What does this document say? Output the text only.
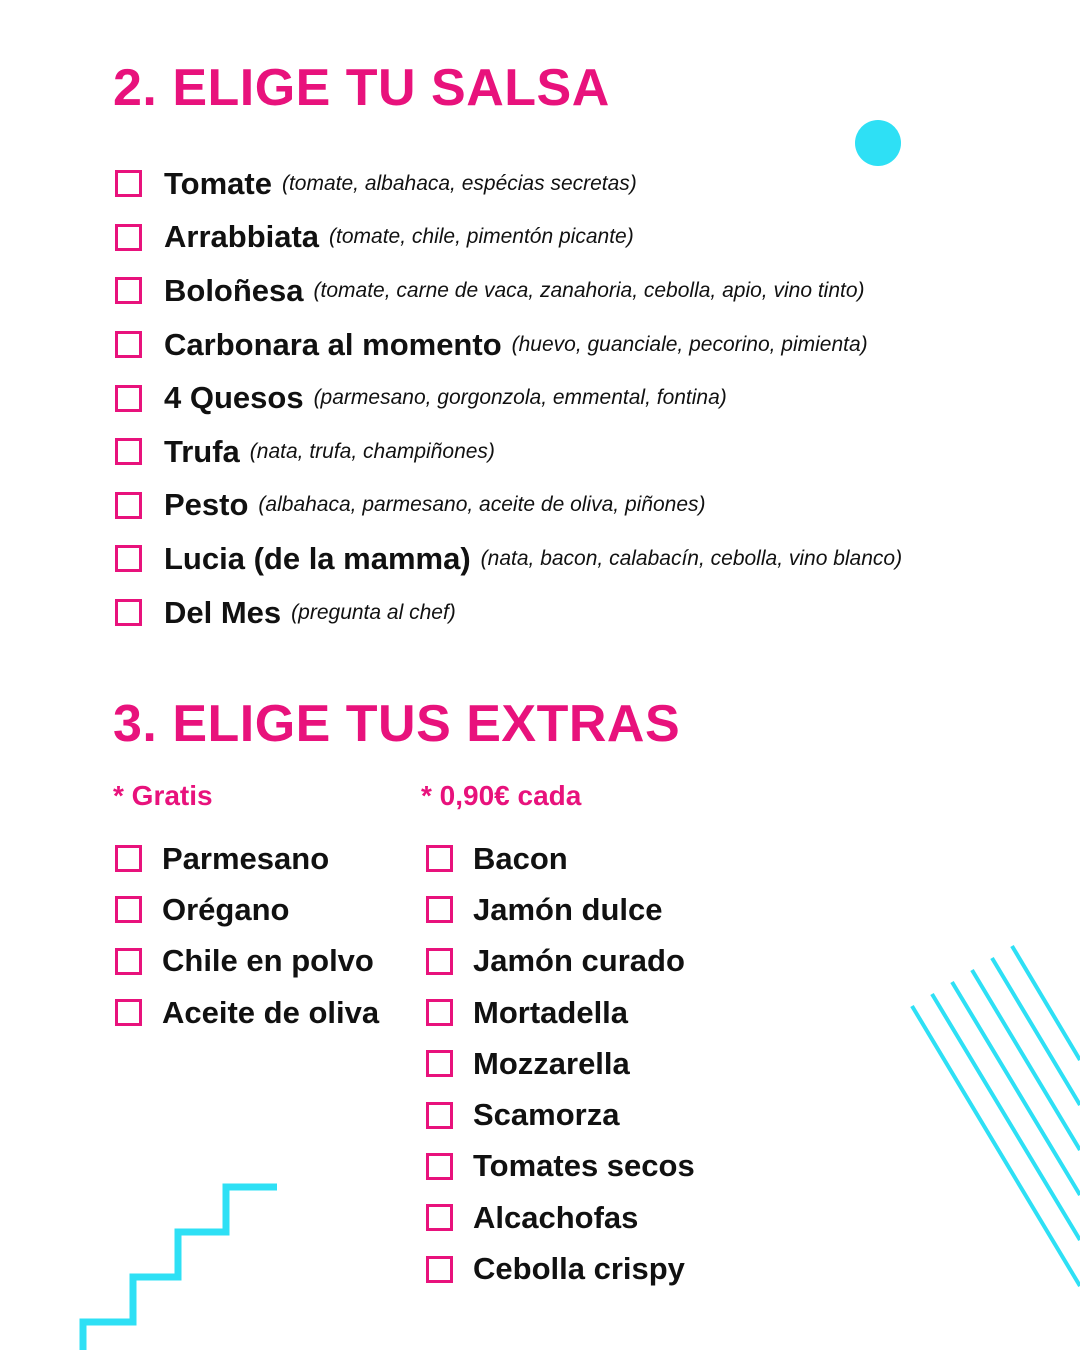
2. ELIGE TU SALSA
Tomate (tomate, albahaca, espécias secretas)
Arrabbiata (tomate, chile, pimentón picante)
Boloñesa (tomate, carne de vaca, zanahoria, cebolla, apio, vino tinto)
Carbonara al momento (huevo, guanciale, pecorino, pimienta)
4 Quesos (parmesano, gorgonzola, emmental, fontina)
Trufa (nata, trufa, champiñones)
Pesto (albahaca, parmesano, aceite de oliva, piñones)
Lucia (de la mamma) (nata, bacon, calabacín, cebolla, vino blanco)
Del Mes (pregunta al chef)
3. ELIGE TUS EXTRAS
* Gratis	* 0,90€ cada
Parmesano
Orégano
Chile en polvo
Aceite de oliva
Bacon
Jamón dulce
Jamón curado
Mortadella
Mozzarella
Scamorza
Tomates secos
Alcachofas
Cebolla crispy
